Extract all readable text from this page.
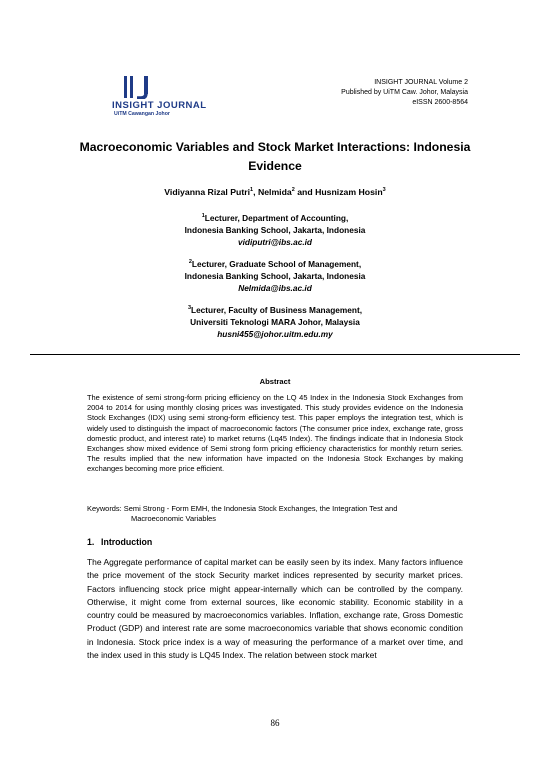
INSIGHT JOURNAL
UiTM Cawangan Johor
INSIGHT JOURNAL Volume 2
Published by UiTM Caw. Johor, Malaysia
eISSN 2600-8564
Macroeconomic Variables and Stock Market Interactions: Indonesia
Evidence
Vidiyanna Rizal Putri$^1$, Nelmida$^2$ and Husnizam Hosin$^3$
$^1$Lecturer, Department of Accounting,
Indonesia Banking School, Jakarta, Indonesia
vidiputri@ibs.ac.id
$^2$Lecturer, Graduate School of Management,
Indonesia Banking School, Jakarta, Indonesia
Nelmida@ibs.ac.id
$^3$Lecturer, Faculty of Business Management,
Universiti Teknologi MARA Johor, Malaysia
husni455@johor.uitm.edu.my
Abstract
The existence of semi strong-form pricing efficiency on the LQ 45 Index in the Indonesia Stock Exchanges from 2004 to 2014 for using monthly closing prices was investigated. This study provides evidence on the Indonesia Stock Exchanges (IDX) using semi strong-form efficiency test. This paper employs the integration test, which is widely used to distinguish the impact of macroeconomic factors (The consumer price index, exchange rate, gross domestic product, and interest rate) to market returns (Lq45 Index). The findings indicate that in Indonesia Stock Exchanges show mixed evidence of Semi strong form pricing efficiency characteristics for monthly return series. The results implied that the new information have impacted on the Indonesia Stock Exchanges by making exchanges becoming more price efficient.
Keywords: Semi Strong - Form EMH, the Indonesia Stock Exchanges, the Integration Test and
Macroeconomic Variables
1. Introduction
The Aggregate performance of capital market can be easily seen by its index. Many factors influence the price movement of the stock Security market indices represented by security market prices. Factors influencing stock price might appear-internally which can be controlled by the company. Otherwise, it might come from external sources, like economic stability. Economic stability in a country could be measured by macroeconomics variables. Inflation, exchange rate, Gross Domestic Product (GDP) and interest rate are some macroeconomics variable that shows economic condition in Indonesia. Stock price index is a way of measuring the performance of a market over time, and the index used in this study is LQ45 Index. The relation between stock market
86
